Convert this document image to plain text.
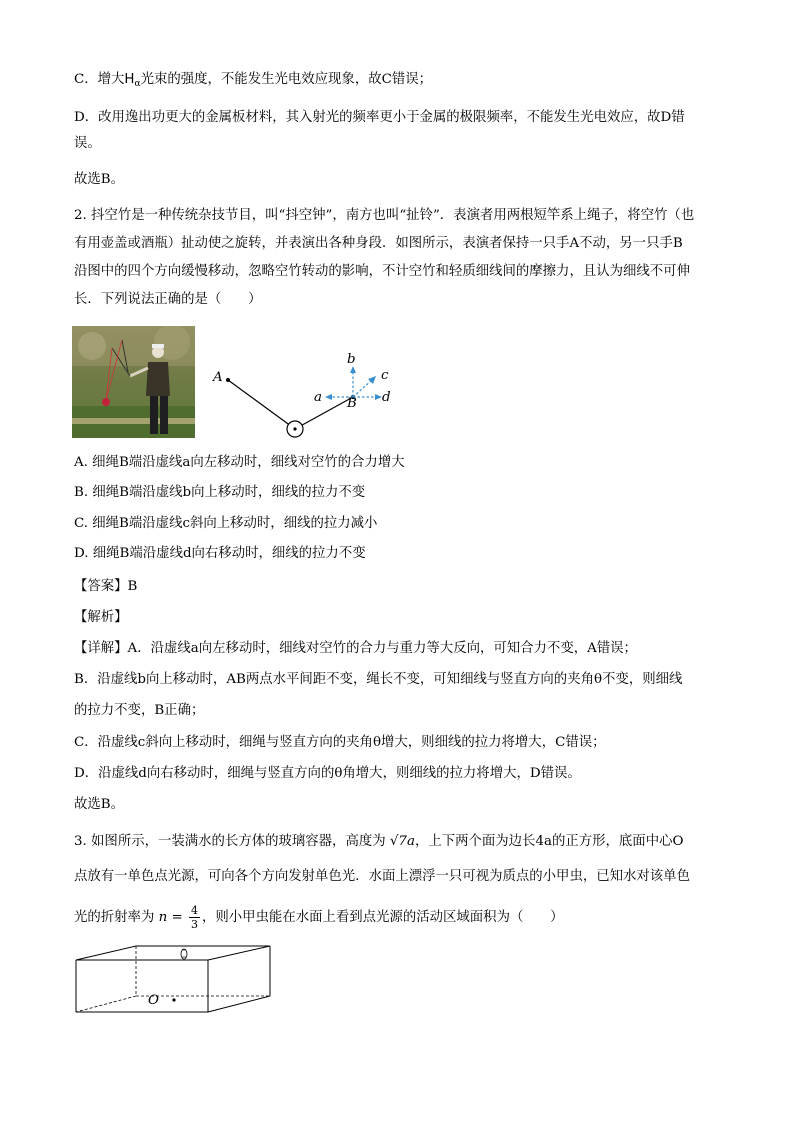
C．增大$H_\alpha$光束的强度，不能发生光电效应现象，故C错误；
D．改用逸出功更大的金属板材料，其入射光的频率更小于金属的极限频率，不能发生光电效应，故D错
误。
故选B。
2. 抖空竹是一种传统杂技节目，叫“抖空钟”，南方也叫“扯铃”．表演者用两根短竿系上绳子，将空竹（也
有用壶盖或酒瓶）扯动使之旋转，并表演出各种身段．如图所示，表演者保持一只手A不动，另一只手B
沿图中的四个方向缓慢移动，忽略空竹转动的影响，不计空竹和轻质细线间的摩擦力，且认为细线不可伸
长．下列说法正确的是（　　）
A
B
a
b
c
d
A. 细绳B端沿虚线a向左移动时，细线对空竹的合力增大
B. 细绳B端沿虚线b向上移动时，细线的拉力不变
C. 细绳B端沿虚线c斜向上移动时，细线的拉力减小
D. 细绳B端沿虚线d向右移动时，细线的拉力不变
【答案】B
【解析】
【详解】A．沿虚线a向左移动时，细线对空竹的合力与重力等大反向，可知合力不变，A错误；
B．沿虚线b向上移动时，AB两点水平间距不变，绳长不变，可知细线与竖直方向的夹角θ不变，则细线
的拉力不变，B正确；
C．沿虚线c斜向上移动时，细绳与竖直方向的夹角θ增大，则细线的拉力将增大，C错误；
D．沿虚线d向右移动时，细绳与竖直方向的θ角增大，则细线的拉力将增大，D错误。
故选B。
3. 如图所示，一装满水的长方体的玻璃容器，高度为 √7a，上下两个面为边长4a的正方形，底面中心O
点放有一单色点光源，可向各个方向发射单色光．水面上漂浮一只可视为质点的小甲虫，已知水对该单色
光的折射率为 $n = \frac{4}{3}$ ，则小甲虫能在水面上看到点光源的活动区域面积为（　　）
O
